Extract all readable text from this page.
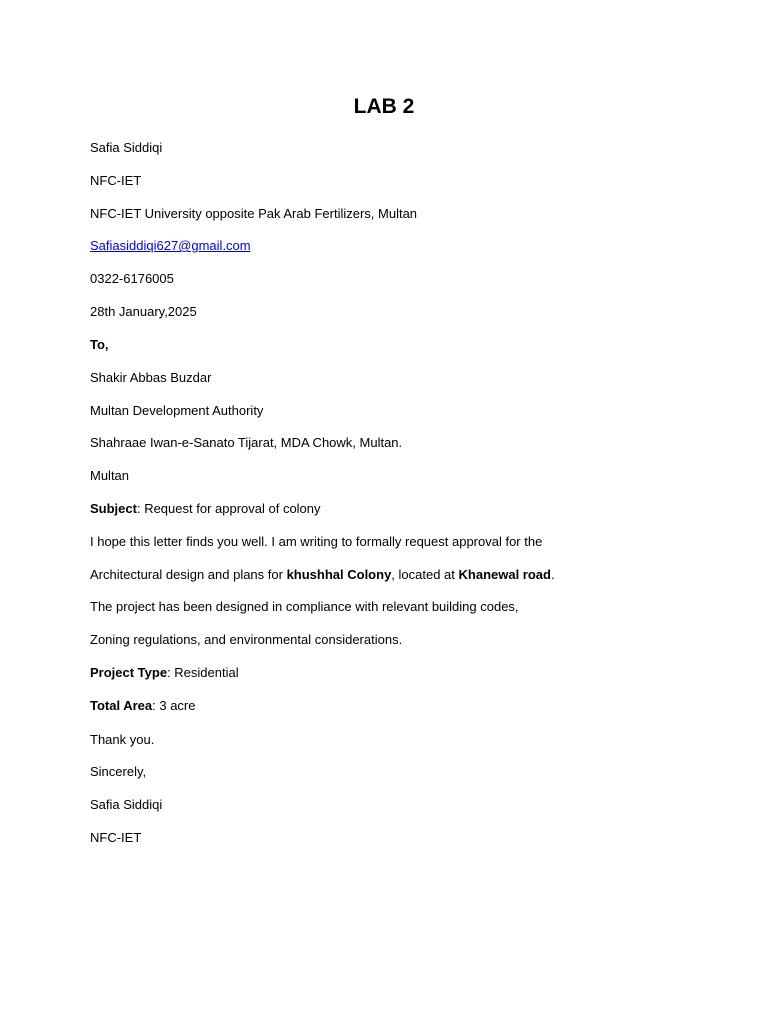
LAB 2
Safia Siddiqi
NFC-IET
NFC-IET University opposite Pak Arab Fertilizers, Multan
Safiasiddiqi627@gmail.com
0322-6176005
28th January,2025
To,
Shakir Abbas Buzdar
Multan Development Authority
Shahraae Iwan-e-Sanato Tijarat, MDA Chowk, Multan.
Multan
Subject: Request for approval of colony
I hope this letter finds you well. I am writing to formally request approval for the
Architectural design and plans for khushhal Colony, located at Khanewal road.
The project has been designed in compliance with relevant building codes,
Zoning regulations, and environmental considerations.
Project Type: Residential
Total Area: 3 acre
Thank you.
Sincerely,
Safia Siddiqi
NFC-IET
